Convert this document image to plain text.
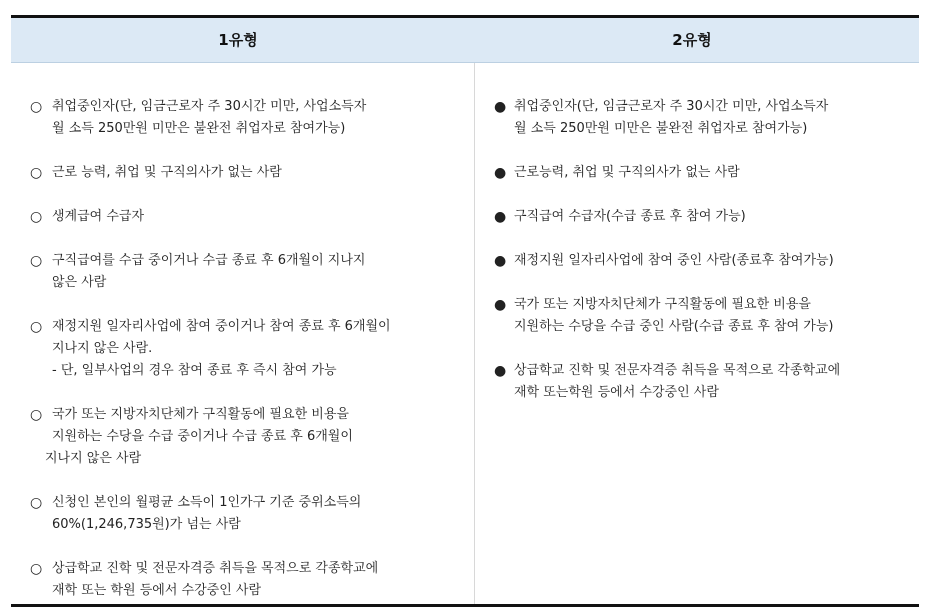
1유형	2유형
○ 취업중인자(단, 임금근로자 주 30시간 미만, 사업소득자
월 소득 250만원 미만은 불완전 취업자로 참여가능)
○ 근로 능력, 취업 및 구직의사가 없는 사람
○ 생계급여 수급자
○ 구직급여를 수급 중이거나 수급 종료 후 6개월이 지나지
않은 사람
○ 재정지원 일자리사업에 참여 중이거나 참여 종료 후 6개월이
지나지 않은 사람.
- 단, 일부사업의 경우 참여 종료 후 즉시 참여 가능
○ 국가 또는 지방자치단체가 구직활동에 필요한 비용을
지원하는 수당을 수급 중이거나 수급 종료 후 6개월이
지나지 않은 사람
○ 신청인 본인의 월평균 소득이 1인가구 기준 중위소득의
60%(1,246,735원)가 넘는 사람
○ 상급학교 진학 및 전문자격증 취득을 목적으로 각종학교에
재학 또는 학원 등에서 수강중인 사람
● 취업중인자(단, 임금근로자 주 30시간 미만, 사업소득자
월 소득 250만원 미만은 불완전 취업자로 참여가능)
● 근로능력, 취업 및 구직의사가 없는 사람
● 구직급여 수급자(수급 종료 후 참여 가능)
● 재정지원 일자리사업에 참여 중인 사람(종료후 참여가능)
● 국가 또는 지방자치단체가 구직활동에 필요한 비용을
지원하는 수당을 수급 중인 사람(수급 종료 후 참여 가능)
● 상급학교 진학 및 전문자격증 취득을 목적으로 각종학교에
재학 또는학원 등에서 수강중인 사람
